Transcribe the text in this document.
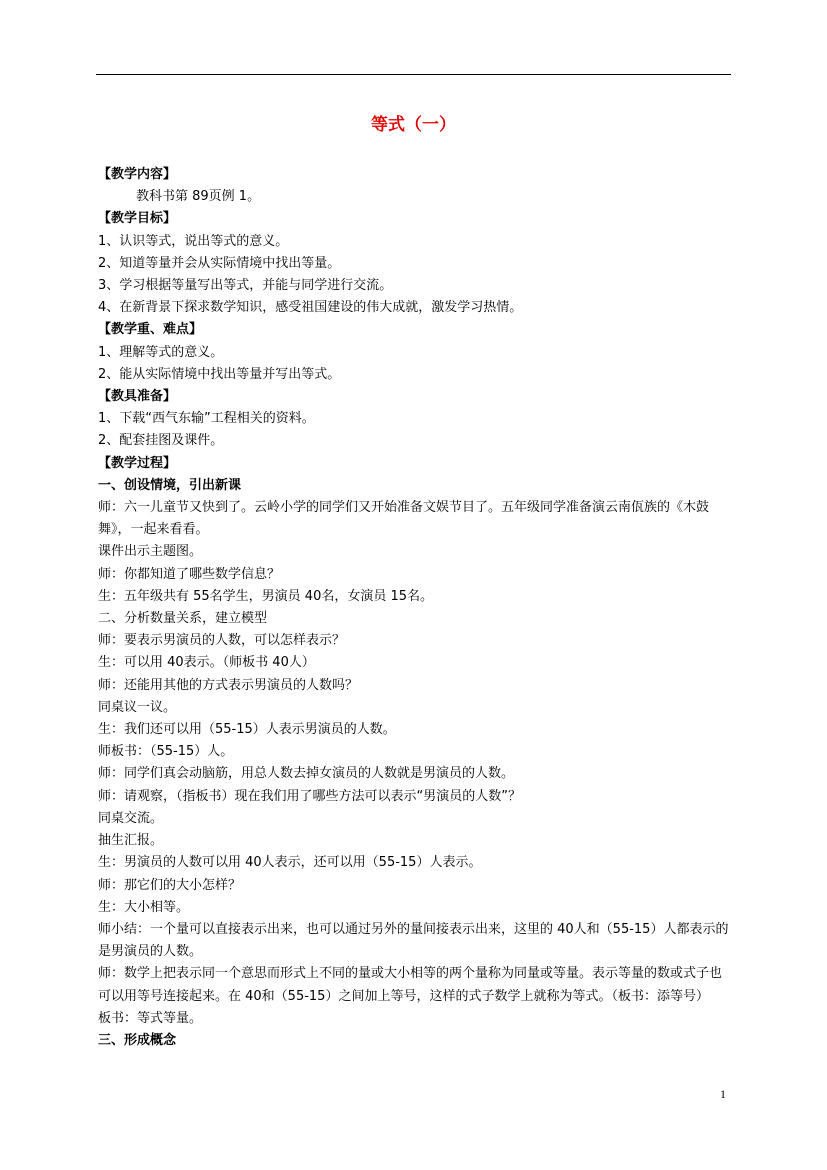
等式（一）
【教学内容】
教科书第 89页例 1。
【教学目标】
1、认识等式，说出等式的意义。
2、知道等量并会从实际情境中找出等量。
3、学习根据等量写出等式，并能与同学进行交流。
4、在新背景下探求数学知识，感受祖国建设的伟大成就，激发学习热情。
【教学重、难点】
1、理解等式的意义。
2、能从实际情境中找出等量并写出等式。
【教具准备】
1、下载“西气东输”工程相关的资料。
2、配套挂图及课件。
【教学过程】
一、创设情境，引出新课
师：六一儿童节又快到了。云岭小学的同学们又开始准备文娱节目了。五年级同学准备演云南佤族的《木鼓舞》，一起来看看。
课件出示主题图。
师：你都知道了哪些数学信息？
生：五年级共有 55名学生，男演员 40名，女演员 15名。
二、分析数量关系，建立模型
师：要表示男演员的人数，可以怎样表示？
生：可以用 40表示。（师板书 40人）
师：还能用其他的方式表示男演员的人数吗？
同桌议一议。
生：我们还可以用（55-15）人表示男演员的人数。
师板书：（55-15）人。
师：同学们真会动脑筋，用总人数去掉女演员的人数就是男演员的人数。
师：请观察，（指板书）现在我们用了哪些方法可以表示“男演员的人数”？
同桌交流。
抽生汇报。
生：男演员的人数可以用 40人表示，还可以用（55-15）人表示。
师：那它们的大小怎样？
生：大小相等。
师小结：一个量可以直接表示出来，也可以通过另外的量间接表示出来，这里的 40人和（55-15）人都表示的是男演员的人数。
师：数学上把表示同一个意思而形式上不同的量或大小相等的两个量称为同量或等量。表示等量的数或式子也可以用等号连接起来。在 40和（55-15）之间加上等号，这样的式子数学上就称为等式。（板书：添等号）
板书：等式等量。
三、形成概念
1
